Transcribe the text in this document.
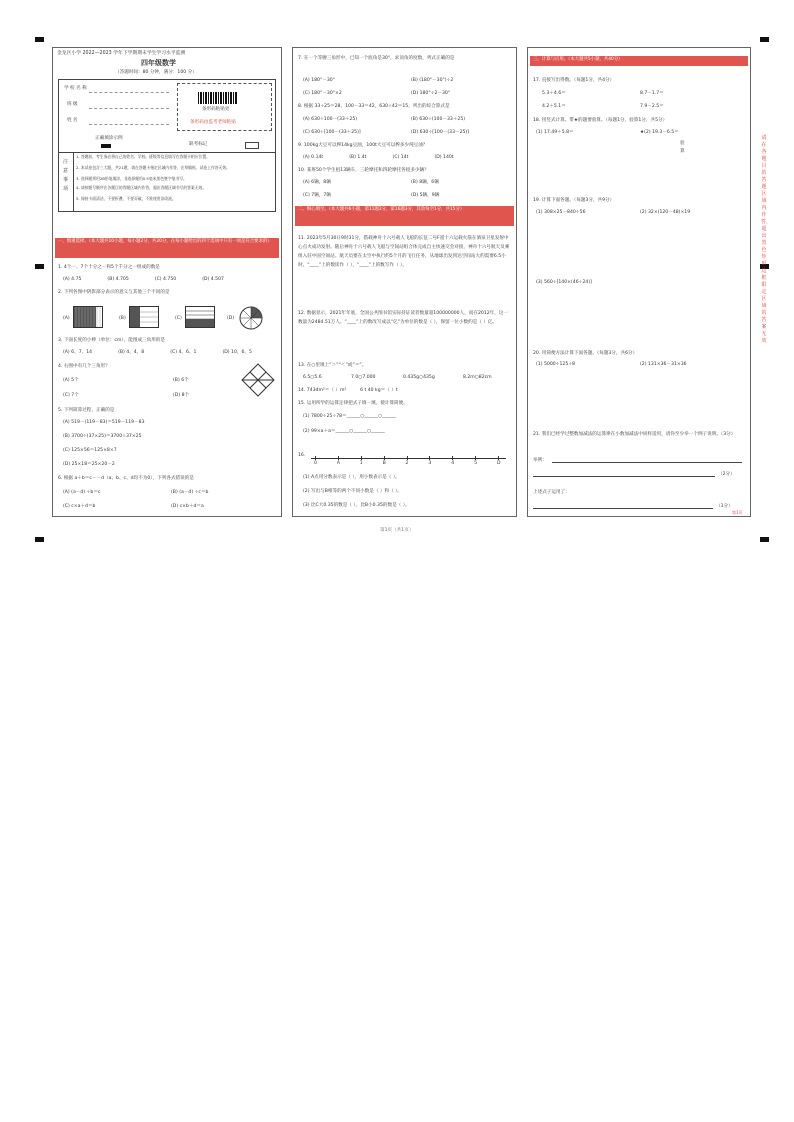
金龙区小学 2022—2023 学年下学期期末学生学习水平监测
四年级数学
（答题时间：80 分钟，满分：100 分）
学 校 名 称
班 级
姓 名
条形码粘贴处
条形码由监考老师粘贴
正确填涂示例
缺考标记
注意事项
1. 答题前，考生务必将自己的姓名、学校、班级等信息填写在答题卡相应位置。
2. 本试卷包含三大题，共21题，请在答题卡指定区域内作答，在草稿纸、试卷上作答无效。
3. 选择题须用2B铅笔填涂，非选择题用0.5毫米黑色签字笔书写。
4. 请按题号顺序在各题目的答题区域内作答，超出答题区域书写的答案无效。
5. 保持卡面清洁，不要折叠、不要弄破，不准使用涂改液。
一、慎重选择。（本大题共10小题，每小题2分，共20分，在每小题给出的四个选项中只有一项是符合要求的）
1. 4个一、7个十分之一和5个千分之一组成的数是
(A) 4.75	(B) 4.705	(C) 4.750	(D) 4.507
2. 下列各图中阴影部分表示的意义与其他三个不同的是
(A)	(B)	(C)	(D)
3. 下面长度的小棒（单位：cm），能围成三角形的是
(A) 6、7、14	(B) 4、4、8	(C) 4、6、1	(D) 10、6、5
4. 右图中有几个三角形？
(A) 5个	(B) 6个
(C) 7个	(D) 8个
5. 下列简算过程，正确的是
(A) 519－(119－83)＝519－119－83
(B) 3700÷(37×25)＝3700÷37×25
(C) 125×56＝125×8×7
(D) 25×18＝25×20－2
6. 根据 a＋b＝c－－d（a、b、c、d均不为0），下列各式错误的是
(A) (a－d) ÷b＝c	(B) (a－d) ÷c＝b
(C) c×a＋d＝b	(D) c×b＋d＝a
7. 在一个等腰三角形中，已知一个底角是30°，求顶角的度数，列式正确的是
(A) 180°－30°	(B) (180°－30°)÷2
(C) 180°－30°×2	(D) 180°÷2－30°
8. 根据 33÷25＝28，100－33＝42，630÷42＝15，列出的综合算式是
(A) 630÷100－(33＋25)	(B) 630÷(100－33＋25)
(C) 630÷[100－(33＋25)]	(D) 630÷[100－(33－25)]
9. 100kg大豆可以榨14kg豆油，100t大豆可以榨多少吨豆油？
(A) 0.14t	(B) 1.4t	(C) 14t	(D) 140t
10. 某班50个学生租13辆车，三轮摩托和四轮摩托各租多少辆？
(A) 6辆，8辆	(B) 8辆，6辆
(C) 7辆，7辆	(D) 5辆，9辆
二、细心填空。（本大题共6小题，第11题2分，第16题3分，其余每空1分，共15分）
11. 2023年5月30日9时31分，搭载神舟十六号载人飞船的长征二号F遥十六运载火箭在酒泉卫星发射中心点火成功发射。随后神舟十六号载人飞船与空间站组合体完成自主快速交会对接，神舟十六号航天员乘组入驻中国空间站。航天员要在太空中执行约5个月的飞行任务，从地球出发到达空间站大约需要6.5小时，“____”上的数读作（ ），“____”上的数写作（ ）。
12. 数据显示，2021年年底，全国公共图书馆实际持证读者数量超100000000人，而在2012年，这一数量为2484.51万人。“____”上的数改写成以“亿”为单位的数是（ ），保留一位小数约是（ ）亿。
13. 在○里填上“＞”“＜”或“＝”。
6.5○5.6	7.0○7.000	0.435g○435g	8.2m○82cm
14. 743dm²＝（ ）m²　　　6 t 40 kg＝（ ）t
15. 运用所学的运算定律把式子填一填，使计算简便。
(1) 7800÷25÷78＝______○______○______
(2) 99×a＋a＝______○______○______
16.
(1) A点用分数表示是（ ），用小数表示是（ ）。
(2) 写出与B相等的两个不同小数是（ ）和（ ）。
(3) 比C大0.35的数是（ ），比B小0.35的数是（ ）。
0	A	1	B	2	3	4	5	D
第1页（共1页）
三、计算与应用。（本大题共5小题，共40分）
17. 直接写出得数。（每题1分，共4分）
5.3＋4.6＝	8.7－1.7＝
4.2＋5.1＝	7.9－2.5＝
18. 用竖式计算。带★的题要验算。（每题1分，验算1分，共5分）
(1) 17.49＋5.8＝	★(2) 19.3－6.5＝
验算
19. 计算下面各题。（每题3分，共9分）
(1) 308×25－840÷56	(2) 32×(120－48)×19
(3) 560÷[140×(46÷24)]
20. 用简便方法计算下面各题。（每题3分，共6分）
(1) 5000÷125÷8	(2) 131×36－31×36
21. 我们已经学过整数加减法的运算律在小数加减法中同样适用，请你至少举一个例子说明。（3分）
举例：
（2分）
上述式子运用了：
（1分）
第1页
请在各题目的答题区域内作答，超出黑色矩形边框限定区域的答案无效
